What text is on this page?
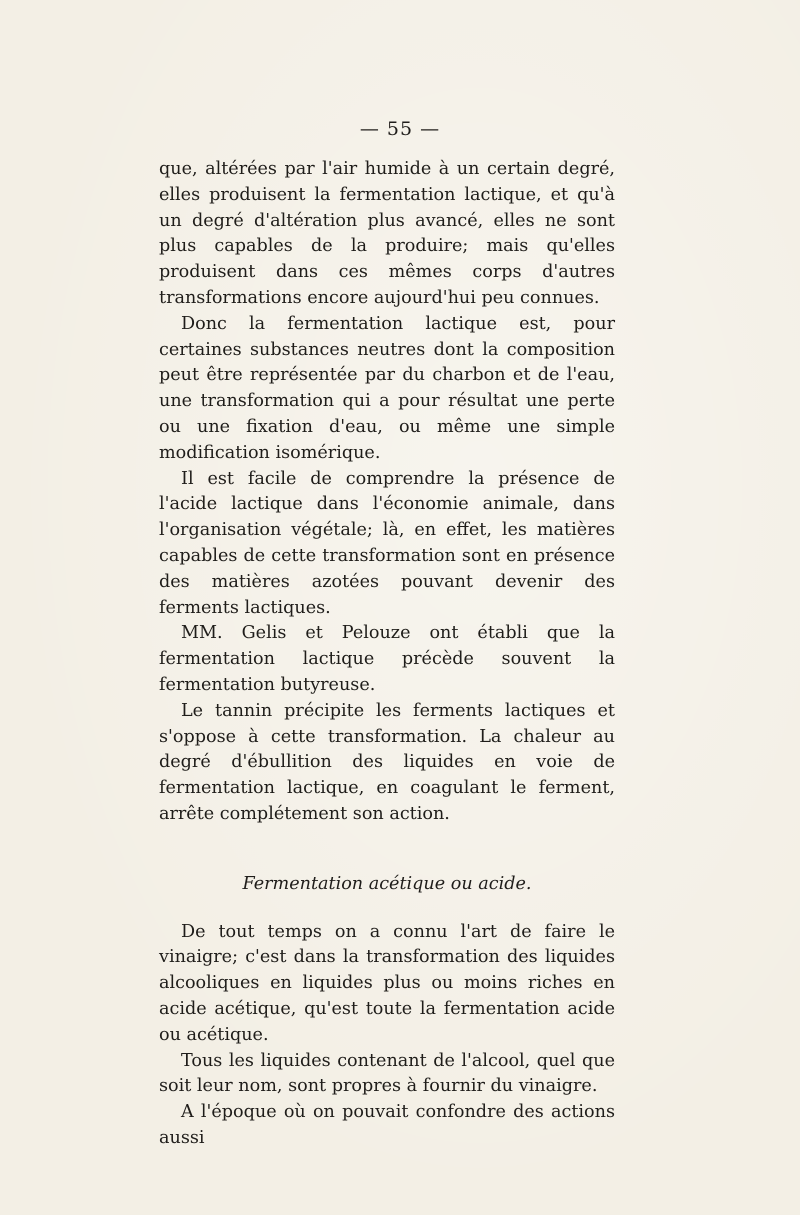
— 55 —

que, altérées par l'air humide à un certain degré, elles produisent la fermentation lactique, et qu'à un degré d'altération plus avancé, elles ne sont plus capables de la produire; mais qu'elles produisent dans ces mêmes corps d'autres transformations encore aujourd'hui peu connues.

Donc la fermentation lactique est, pour certaines substances neutres dont la composition peut être représentée par du charbon et de l'eau, une transformation qui a pour résultat une perte ou une fixation d'eau, ou même une simple modification isomérique.

Il est facile de comprendre la présence de l'acide lactique dans l'économie animale, dans l'organisation végétale; là, en effet, les matières capables de cette transformation sont en présence des matières azotées pouvant devenir des ferments lactiques.

MM. Gelis et Pelouze ont établi que la fermentation lactique précède souvent la fermentation butyreuse.

Le tannin précipite les ferments lactiques et s'oppose à cette transformation. La chaleur au degré d'ébullition des liquides en voie de fermentation lactique, en coagulant le ferment, arrête complétement son action.

Fermentation acétique ou acide.

De tout temps on a connu l'art de faire le vinaigre; c'est dans la transformation des liquides alcooliques en liquides plus ou moins riches en acide acétique, qu'est toute la fermentation acide ou acétique.

Tous les liquides contenant de l'alcool, quel que soit leur nom, sont propres à fournir du vinaigre.

A l'époque où on pouvait confondre des actions aussi
